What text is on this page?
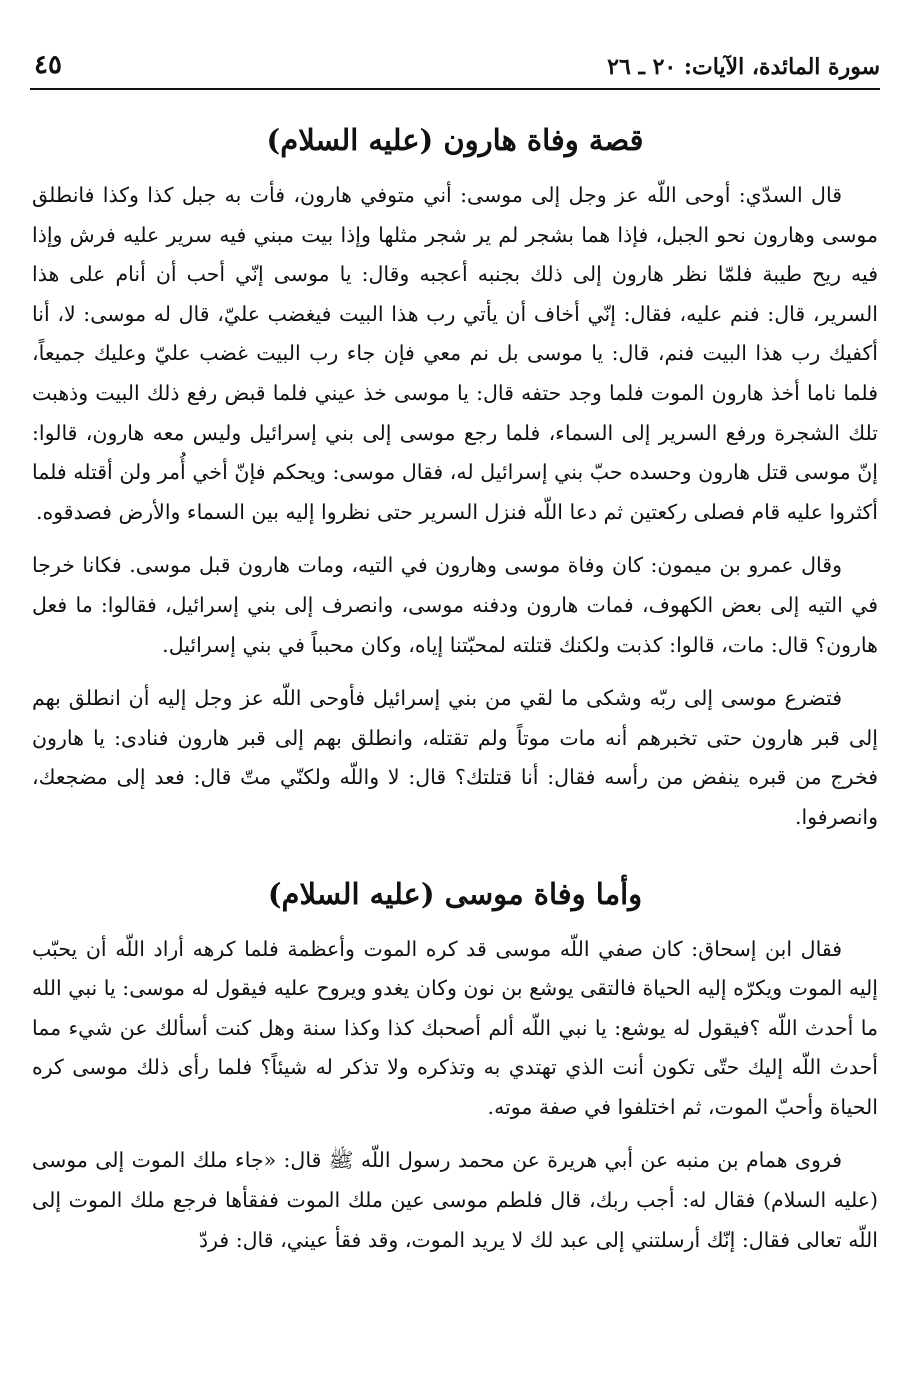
سورة المائدة، الآيات: ٢٠ ـ ٢٦
٤٥
قصة وفاة هارون (عليه السلام)

قال السدّي: أوحى اللّه عز وجل إلى موسى: أني متوفي هارون، فأت به جبل كذا وكذا فانطلق موسى وهارون نحو الجبل، فإذا هما بشجر لم ير شجر مثلها وإذا بيت مبني فيه سرير عليه فرش وإذا فيه ريح طيبة فلمّا نظر هارون إلى ذلك بجنبه أعجبه وقال: يا موسى إنّي أحب أن أنام على هذا السرير، قال: فنم عليه، فقال: إنّي أخاف أن يأتي رب هذا البيت فيغضب عليّ، قال له موسى: لا، أنا أكفيك رب هذا البيت فنم، قال: يا موسى بل نم معي فإن جاء رب البيت غضب عليّ وعليك جميعاً، فلما ناما أخذ هارون الموت فلما وجد حتفه قال: يا موسى خذ عيني فلما قبض رفع ذلك البيت وذهبت تلك الشجرة ورفع السرير إلى السماء، فلما رجع موسى إلى بني إسرائيل وليس معه هارون، قالوا: إنّ موسى قتل هارون وحسده حبّ بني إسرائيل له، فقال موسى: ويحكم فإنّ أخي أُمر ولن أقتله فلما أكثروا عليه قام فصلى ركعتين ثم دعا اللّه فنزل السرير حتى نظروا إليه بين السماء والأرض فصدقوه.

وقال عمرو بن ميمون: كان وفاة موسى وهارون في التيه، ومات هارون قبل موسى. فكانا خرجا في التيه إلى بعض الكهوف، فمات هارون ودفنه موسى، وانصرف إلى بني إسرائيل، فقالوا: ما فعل هارون؟ قال: مات، قالوا: كذبت ولكنك قتلته لمحبّتنا إياه، وكان محبباً في بني إسرائيل.

فتضرع موسى إلى ربّه وشكى ما لقي من بني إسرائيل فأوحى اللّه عز وجل إليه أن انطلق بهم إلى قبر هارون حتى تخبرهم أنه مات موتاً ولم تقتله، وانطلق بهم إلى قبر هارون فنادى: يا هارون فخرج من قبره ينفض من رأسه فقال: أنا قتلتك؟ قال: لا واللّه ولكنّي متّ قال: فعد إلى مضجعك، وانصرفوا.

وأما وفاة موسى (عليه السلام)

فقال ابن إسحاق: كان صفي اللّه موسى قد كره الموت وأعظمة فلما كرهه أراد اللّه أن يحبّب إليه الموت ويكرّه إليه الحياة فالتقى يوشع بن نون وكان يغدو ويروح عليه فيقول له موسى: يا نبي الله ما أحدث اللّه ؟فيقول له يوشع: يا نبي اللّه ألم أصحبك كذا وكذا سنة وهل كنت أسألك عن شيء مما أحدث اللّه إليك حتّى تكون أنت الذي تهتدي به وتذكره ولا تذكر له شيئاً؟ فلما رأى ذلك موسى كره الحياة وأحبّ الموت، ثم اختلفوا في صفة موته.

فروى همام بن منبه عن أبي هريرة عن محمد رسول اللّه ﷺ قال: «جاء ملك الموت إلى موسى (عليه السلام) فقال له: أجب ربك، قال فلطم موسى عين ملك الموت ففقأها فرجع ملك الموت إلى اللّه تعالى فقال: إنّك أرسلتني إلى عبد لك لا يريد الموت، وقد فقأ عيني، قال: فردّ
